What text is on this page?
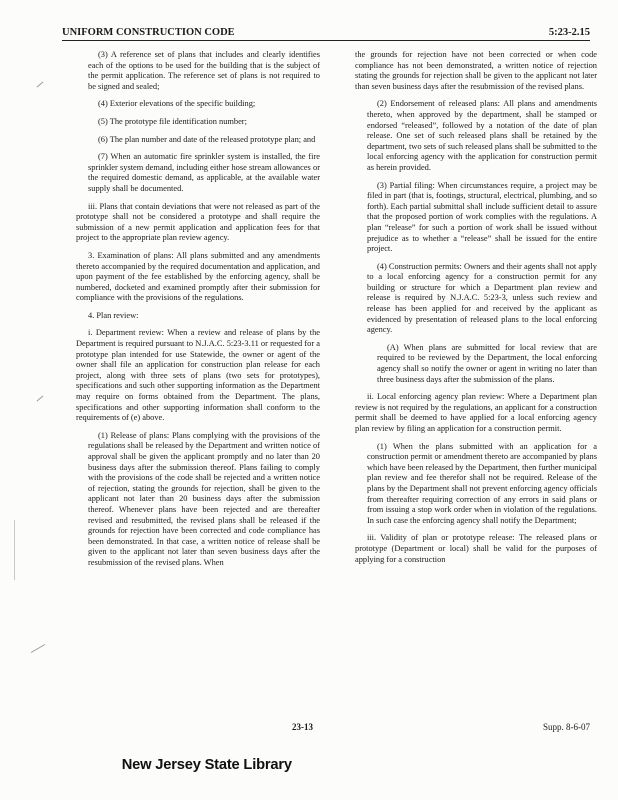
UNIFORM CONSTRUCTION CODE	5:23-2.15

(3) A reference set of plans that includes and clearly identifies each of the options to be used for the building that is the subject of the permit application. The reference set of plans is not required to be signed and sealed;

(4) Exterior elevations of the specific building;

(5) The prototype file identification number;

(6) The plan number and date of the released prototype plan; and

(7) When an automatic fire sprinkler system is installed, the fire sprinkler system demand, including either hose stream allowances or the required domestic demand, as applicable, at the available water supply shall be documented.

iii. Plans that contain deviations that were not released as part of the prototype shall not be considered a prototype and shall require the submission of a new permit application and application fees for that project to the appropriate plan review agency.

3. Examination of plans: All plans submitted and any amendments thereto accompanied by the required documentation and application, and upon payment of the fee established by the enforcing agency, shall be numbered, docketed and examined promptly after their submission for compliance with the provisions of the regulations.

4. Plan review:

i. Department review: When a review and release of plans by the Department is required pursuant to N.J.A.C. 5:23-3.11 or requested for a prototype plan intended for use Statewide, the owner or agent of the owner shall file an application for construction plan release for each project, along with three sets of plans (two sets for prototypes), specifications and such other supporting information as the Department may require on forms obtained from the Department. The plans, specifications and other supporting information shall conform to the requirements of (e) above.

(1) Release of plans: Plans complying with the provisions of the regulations shall be released by the Department and written notice of approval shall be given the applicant promptly and no later than 20 business days after the submission thereof. Plans failing to comply with the provisions of the code shall be rejected and a written notice of rejection, stating the grounds for rejection, shall be given to the applicant not later than 20 business days after the submission thereof. Whenever plans have been rejected and are thereafter revised and resubmitted, the revised plans shall be released if the grounds for rejection have been corrected and code compliance has been demonstrated. In that case, a written notice of release shall be given to the applicant not later than seven business days after the resubmission of the revised plans. When

the grounds for rejection have not been corrected or when code compliance has not been demonstrated, a written notice of rejection stating the grounds for rejection shall be given to the applicant not later than seven business days after the resubmission of the revised plans.

(2) Endorsement of released plans: All plans and amendments thereto, when approved by the department, shall be stamped or endorsed “released”, followed by a notation of the date of plan release. One set of such released plans shall be retained by the department, two sets of such released plans shall be submitted to the local enforcing agency with the application for construction permit as herein provided.

(3) Partial filing: When circumstances require, a project may be filed in part (that is, footings, structural, electrical, plumbing, and so forth). Each partial submittal shall include sufficient detail to assure that the proposed portion of work complies with the regulations. A plan “release” for such a portion of work shall be issued without prejudice as to whether a “release” shall be issued for the entire project.

(4) Construction permits: Owners and their agents shall not apply to a local enforcing agency for a construction permit for any building or structure for which a Department plan review and release is required by N.J.A.C. 5:23-3, unless such review and release has been applied for and received by the applicant as evidenced by presentation of released plans to the local enforcing agency.

(A) When plans are submitted for local review that are required to be reviewed by the Department, the local enforcing agency shall so notify the owner or agent in writing no later than three business days after the submission of the plans.

ii. Local enforcing agency plan review: Where a Department plan review is not required by the regulations, an applicant for a construction permit shall be deemed to have applied for a local enforcing agency plan review by filing an application for a construction permit.

(1) When the plans submitted with an application for a construction permit or amendment thereto are accompanied by plans which have been released by the Department, then further municipal plan review and fee therefor shall not be required. Release of the plans by the Department shall not prevent enforcing agency officials from thereafter requiring correction of any errors in said plans or from issuing a stop work order when in violation of the regulations. In such case the enforcing agency shall notify the Department;

iii. Validity of plan or prototype release: The released plans or prototype (Department or local) shall be valid for the purposes of applying for a construction

23-13	Supp. 8-6-07
New Jersey State Library
